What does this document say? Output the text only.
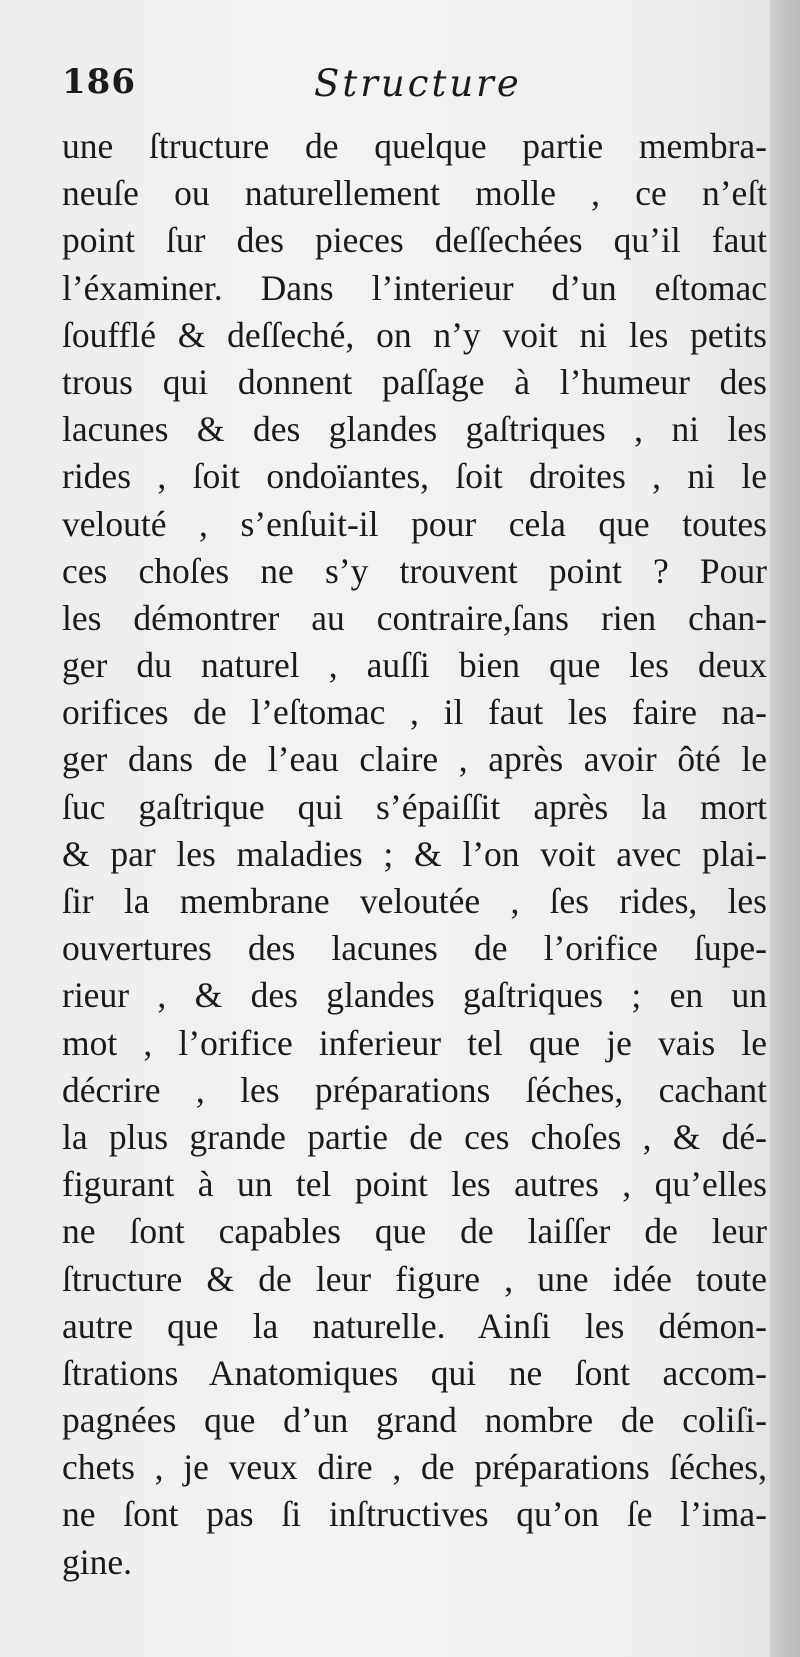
186	Structure
une ſtructure de quelque partie membra-
neuſe ou naturellement molle , ce n’eſt
point ſur des pieces deſſechées qu’il faut
l’éxaminer. Dans l’interieur d’un eſtomac
ſoufflé & deſſeché, on n’y voit ni les petits
trous qui donnent paſſage à l’humeur des
lacunes & des glandes gaſtriques , ni les
rides , ſoit ondoïantes, ſoit droites , ni le
velouté , s’enſuit-il pour cela que toutes
ces choſes ne s’y trouvent point ? Pour
les démontrer au contraire,ſans rien chan-
ger du naturel , auſſi bien que les deux
orifices de l’eſtomac , il faut les faire na-
ger dans de l’eau claire , après avoir ôté le
ſuc gaſtrique qui s’épaiſſit après la mort
& par les maladies ; & l’on voit avec plai-
ſir la membrane veloutée , ſes rides, les
ouvertures des lacunes de l’orifice ſupe-
rieur , & des glandes gaſtriques ; en un
mot , l’orifice inferieur tel que je vais le
décrire , les préparations ſéches, cachant
la plus grande partie de ces choſes , & dé-
figurant à un tel point les autres , qu’elles
ne ſont capables que de laiſſer de leur
ſtructure & de leur figure , une idée toute
autre que la naturelle. Ainſi les démon-
ſtrations Anatomiques qui ne ſont accom-
pagnées que d’un grand nombre de coliſi-
chets , je veux dire , de préparations ſéches,
ne ſont pas ſi inſtructives qu’on ſe l’ima-
gine.
